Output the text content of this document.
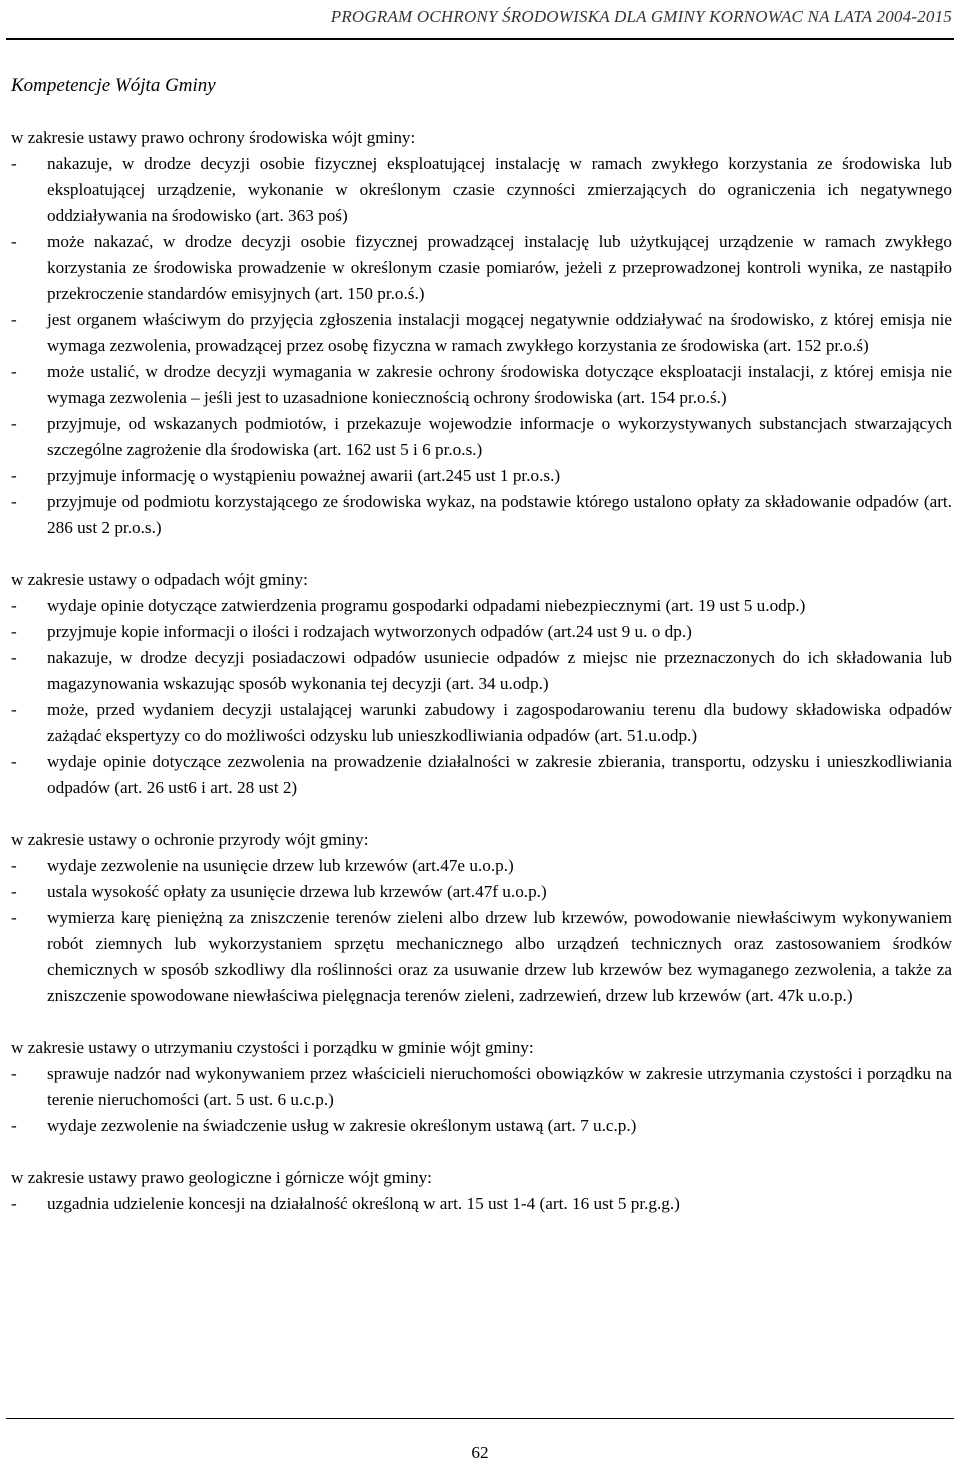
PROGRAM OCHRONY ŚRODOWISKA DLA GMINY KORNOWAC NA LATA 2004-2015
Kompetencje Wójta Gminy

w zakresie ustawy prawo ochrony środowiska wójt gminy:

- nakazuje, w drodze decyzji osobie fizycznej eksploatującej instalację w ramach zwykłego korzystania ze środowiska lub eksploatującej urządzenie, wykonanie w określonym czasie czynności zmierzających do ograniczenia ich negatywnego oddziaływania na środowisko (art. 363 poś)
- może nakazać, w drodze decyzji osobie fizycznej prowadzącej instalację lub użytkującej urządzenie w ramach zwykłego korzystania ze środowiska prowadzenie w określonym czasie pomiarów, jeżeli z przeprowadzonej kontroli wynika, ze nastąpiło przekroczenie standardów emisyjnych (art. 150 pr.o.ś.)
- jest organem właściwym do przyjęcia zgłoszenia instalacji mogącej negatywnie oddziaływać na środowisko, z której emisja nie wymaga zezwolenia, prowadzącej przez osobę fizyczna w ramach zwykłego korzystania ze środowiska (art. 152 pr.o.ś)
- może ustalić, w drodze decyzji wymagania w zakresie ochrony środowiska dotyczące eksploatacji instalacji, z której emisja nie wymaga zezwolenia – jeśli jest to uzasadnione koniecznością ochrony środowiska (art. 154 pr.o.ś.)
- przyjmuje, od wskazanych podmiotów, i przekazuje wojewodzie informacje o wykorzystywanych substancjach stwarzających szczególne zagrożenie dla środowiska (art. 162 ust 5 i 6 pr.o.s.)
- przyjmuje informację o wystąpieniu poważnej awarii (art.245 ust 1 pr.o.s.)
- przyjmuje od podmiotu korzystającego ze środowiska wykaz, na podstawie którego ustalono opłaty za składowanie odpadów (art. 286 ust 2 pr.o.s.)

w zakresie ustawy o odpadach wójt gminy:

- wydaje opinie dotyczące zatwierdzenia programu gospodarki odpadami niebezpiecznymi (art. 19 ust 5 u.odp.)
- przyjmuje kopie informacji o ilości i rodzajach wytworzonych odpadów (art.24 ust 9 u. o dp.)
- nakazuje, w drodze decyzji posiadaczowi odpadów usuniecie odpadów z miejsc nie przeznaczonych do ich składowania lub magazynowania wskazując sposób wykonania tej decyzji (art. 34 u.odp.)
- może, przed wydaniem decyzji ustalającej warunki zabudowy i zagospodarowaniu terenu dla budowy składowiska odpadów zażądać ekspertyzy co do możliwości odzysku lub unieszkodliwiania odpadów (art. 51.u.odp.)
- wydaje opinie dotyczące zezwolenia na prowadzenie działalności w zakresie zbierania, transportu, odzysku i unieszkodliwiania odpadów (art. 26 ust6 i art. 28 ust 2)

w zakresie ustawy o ochronie przyrody wójt gminy:

- wydaje zezwolenie na usunięcie drzew lub krzewów (art.47e u.o.p.)
- ustala wysokość opłaty za usunięcie drzewa lub krzewów (art.47f u.o.p.)
- wymierza karę pieniężną za zniszczenie terenów zieleni albo drzew lub krzewów, powodowanie niewłaściwym wykonywaniem robót ziemnych lub wykorzystaniem sprzętu mechanicznego albo urządzeń technicznych oraz zastosowaniem środków chemicznych w sposób szkodliwy dla roślinności oraz za usuwanie drzew lub krzewów bez wymaganego zezwolenia, a także za zniszczenie spowodowane niewłaściwa pielęgnacja terenów zieleni, zadrzewień, drzew lub krzewów (art. 47k u.o.p.)

w zakresie ustawy o utrzymaniu czystości i porządku w gminie wójt gminy:

- sprawuje nadzór nad wykonywaniem przez właścicieli nieruchomości obowiązków w zakresie utrzymania czystości i porządku na terenie nieruchomości (art. 5 ust. 6 u.c.p.)
- wydaje zezwolenie na świadczenie usług w zakresie określonym ustawą (art. 7 u.c.p.)

w zakresie ustawy prawo geologiczne i górnicze wójt gminy:

- uzgadnia udzielenie koncesji na działalność określoną w art. 15 ust 1-4 (art. 16 ust 5 pr.g.g.)
62
